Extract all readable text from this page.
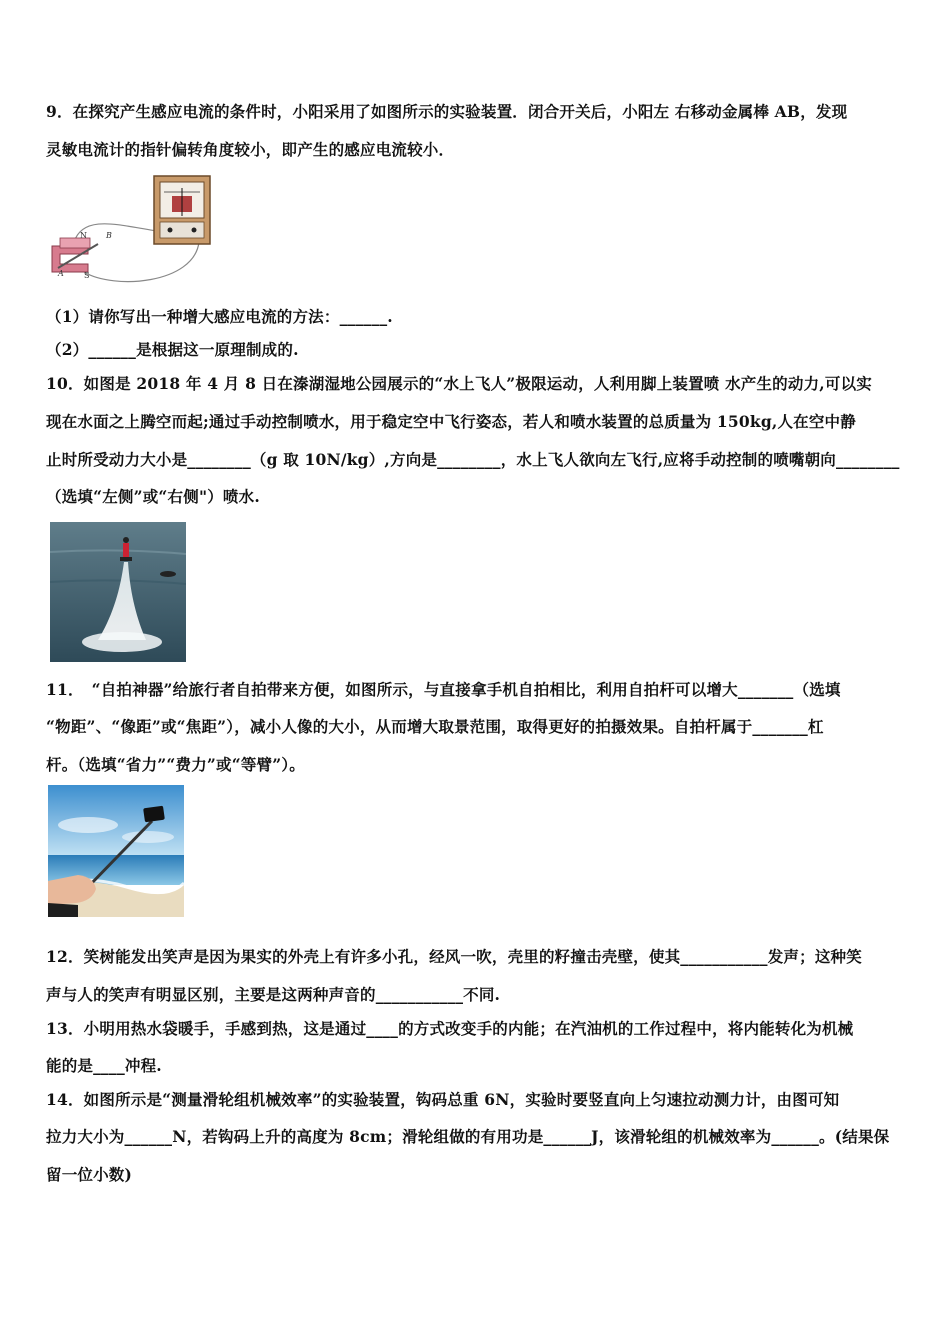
9．在探究产生感应电流的条件时，小阳采用了如图所示的实验装置．闭合开关后，小阳左 右移动金属棒 AB，发现
灵敏电流计的指针偏转角度较小，即产生的感应电流较小．
N
S
A
B
（1）请你写出一种增大感应电流的方法：______.
（2）______是根据这一原理制成的.
10．如图是 2018 年 4 月 8 日在溱湖湿地公园展示的“水上飞人”极限运动，人利用脚上装置喷 水产生的动力,可以实
现在水面之上腾空而起;通过手动控制喷水，用于稳定空中飞行姿态，若人和喷水装置的总质量为 150kg,人在空中静
止时所受动力大小是________（g 取 10N/kg）,方向是________，水上飞人欲向左飞行,应将手动控制的喷嘴朝向________
（选填“左侧”或“右侧"）喷水.
11．　“自拍神器”给旅行者自拍带来方便，如图所示，与直接拿手机自拍相比，利用自拍杆可以增大_______（选填
“物距”、“像距”或“焦距”），减小人像的大小，从而增大取景范围，取得更好的拍摄效果。自拍杆属于_______杠
杆。（选填“省力”“费力”或“等臂”）。
12．笑树能发出笑声是因为果实的外壳上有许多小孔，经风一吹，壳里的籽撞击壳壁，使其___________发声；这种笑
声与人的笑声有明显区别，主要是这两种声音的___________不同.
13．小明用热水袋暖手，手感到热，这是通过____的方式改变手的内能；在汽油机的工作过程中，将内能转化为机械
能的是____冲程.
14．如图所示是“测量滑轮组机械效率”的实验装置，钩码总重 6N，实验时要竖直向上匀速拉动测力计，由图可知
拉力大小为______N，若钩码上升的高度为 8cm；滑轮组做的有用功是______J，该滑轮组的机械效率为______。(结果保
留一位小数)
